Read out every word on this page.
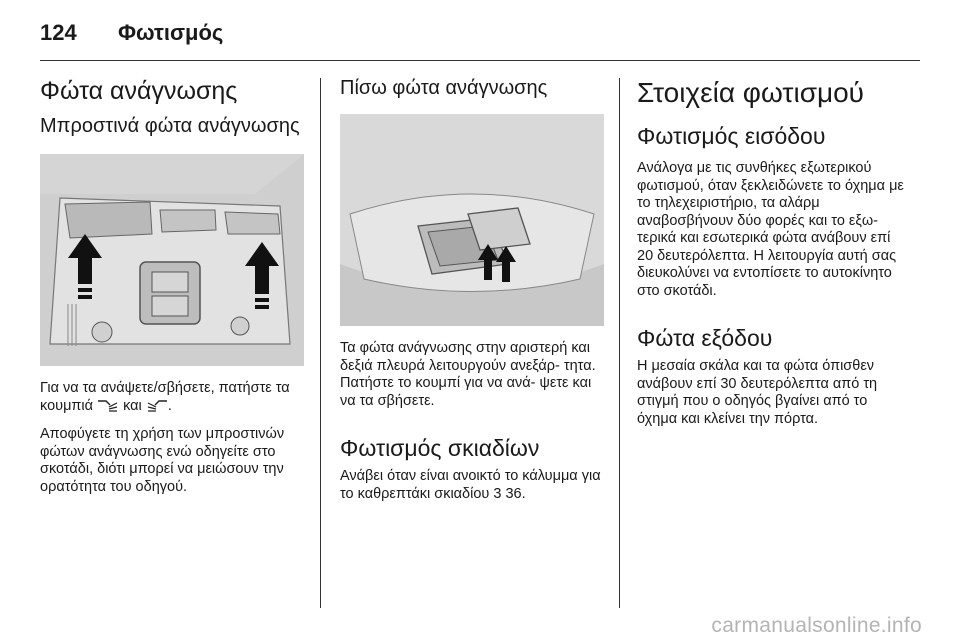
124 Φωτισμός
Φώτα ανάγνωσης
Μπροστινά φώτα ανάγνωσης

Για να τα ανάψετε/σβήσετε, πατήστε τα κουμπιά και .

Αποφύγετε τη χρήση των μπροστινών φώτων ανάγνωσης ενώ οδηγείτε στο σκοτάδι, διότι μπορεί να μειώσουν την ορατότητα του οδηγού.

Πίσω φώτα ανάγνωσης

Τα φώτα ανάγνωσης στην αριστερή και δεξιά πλευρά λειτουργούν ανεξάρ- τητα. Πατήστε το κουμπί για να ανά- ψετε και να τα σβήσετε.

Φωτισμός σκιαδίων

Ανάβει όταν είναι ανοικτό το κάλυμμα για το καθρεπτάκι σκιαδίου 3 36.

Στοιχεία φωτισμού
Φωτισμός εισόδου

Ανάλογα με τις συνθήκες εξωτερικού φωτισμού, όταν ξεκλειδώνετε το όχημα με το τηλεχειριστήριο, τα αλάρμ αναβοσβήνουν δύο φορές και το εξω- τερικά και εσωτερικά φώτα ανάβουν επί 20 δευτερόλεπτα. Η λειτουργία αυτή σας διευκολύνει να εντοπίσετε το αυτοκίνητο στο σκοτάδι.

Φώτα εξόδου

Η μεσαία σκάλα και τα φώτα όπισθεν ανάβουν επί 30 δευτερόλεπτα από τη στιγμή που ο οδηγός βγαίνει από το όχημα και κλείνει την πόρτα.

carmanualsonline.info
